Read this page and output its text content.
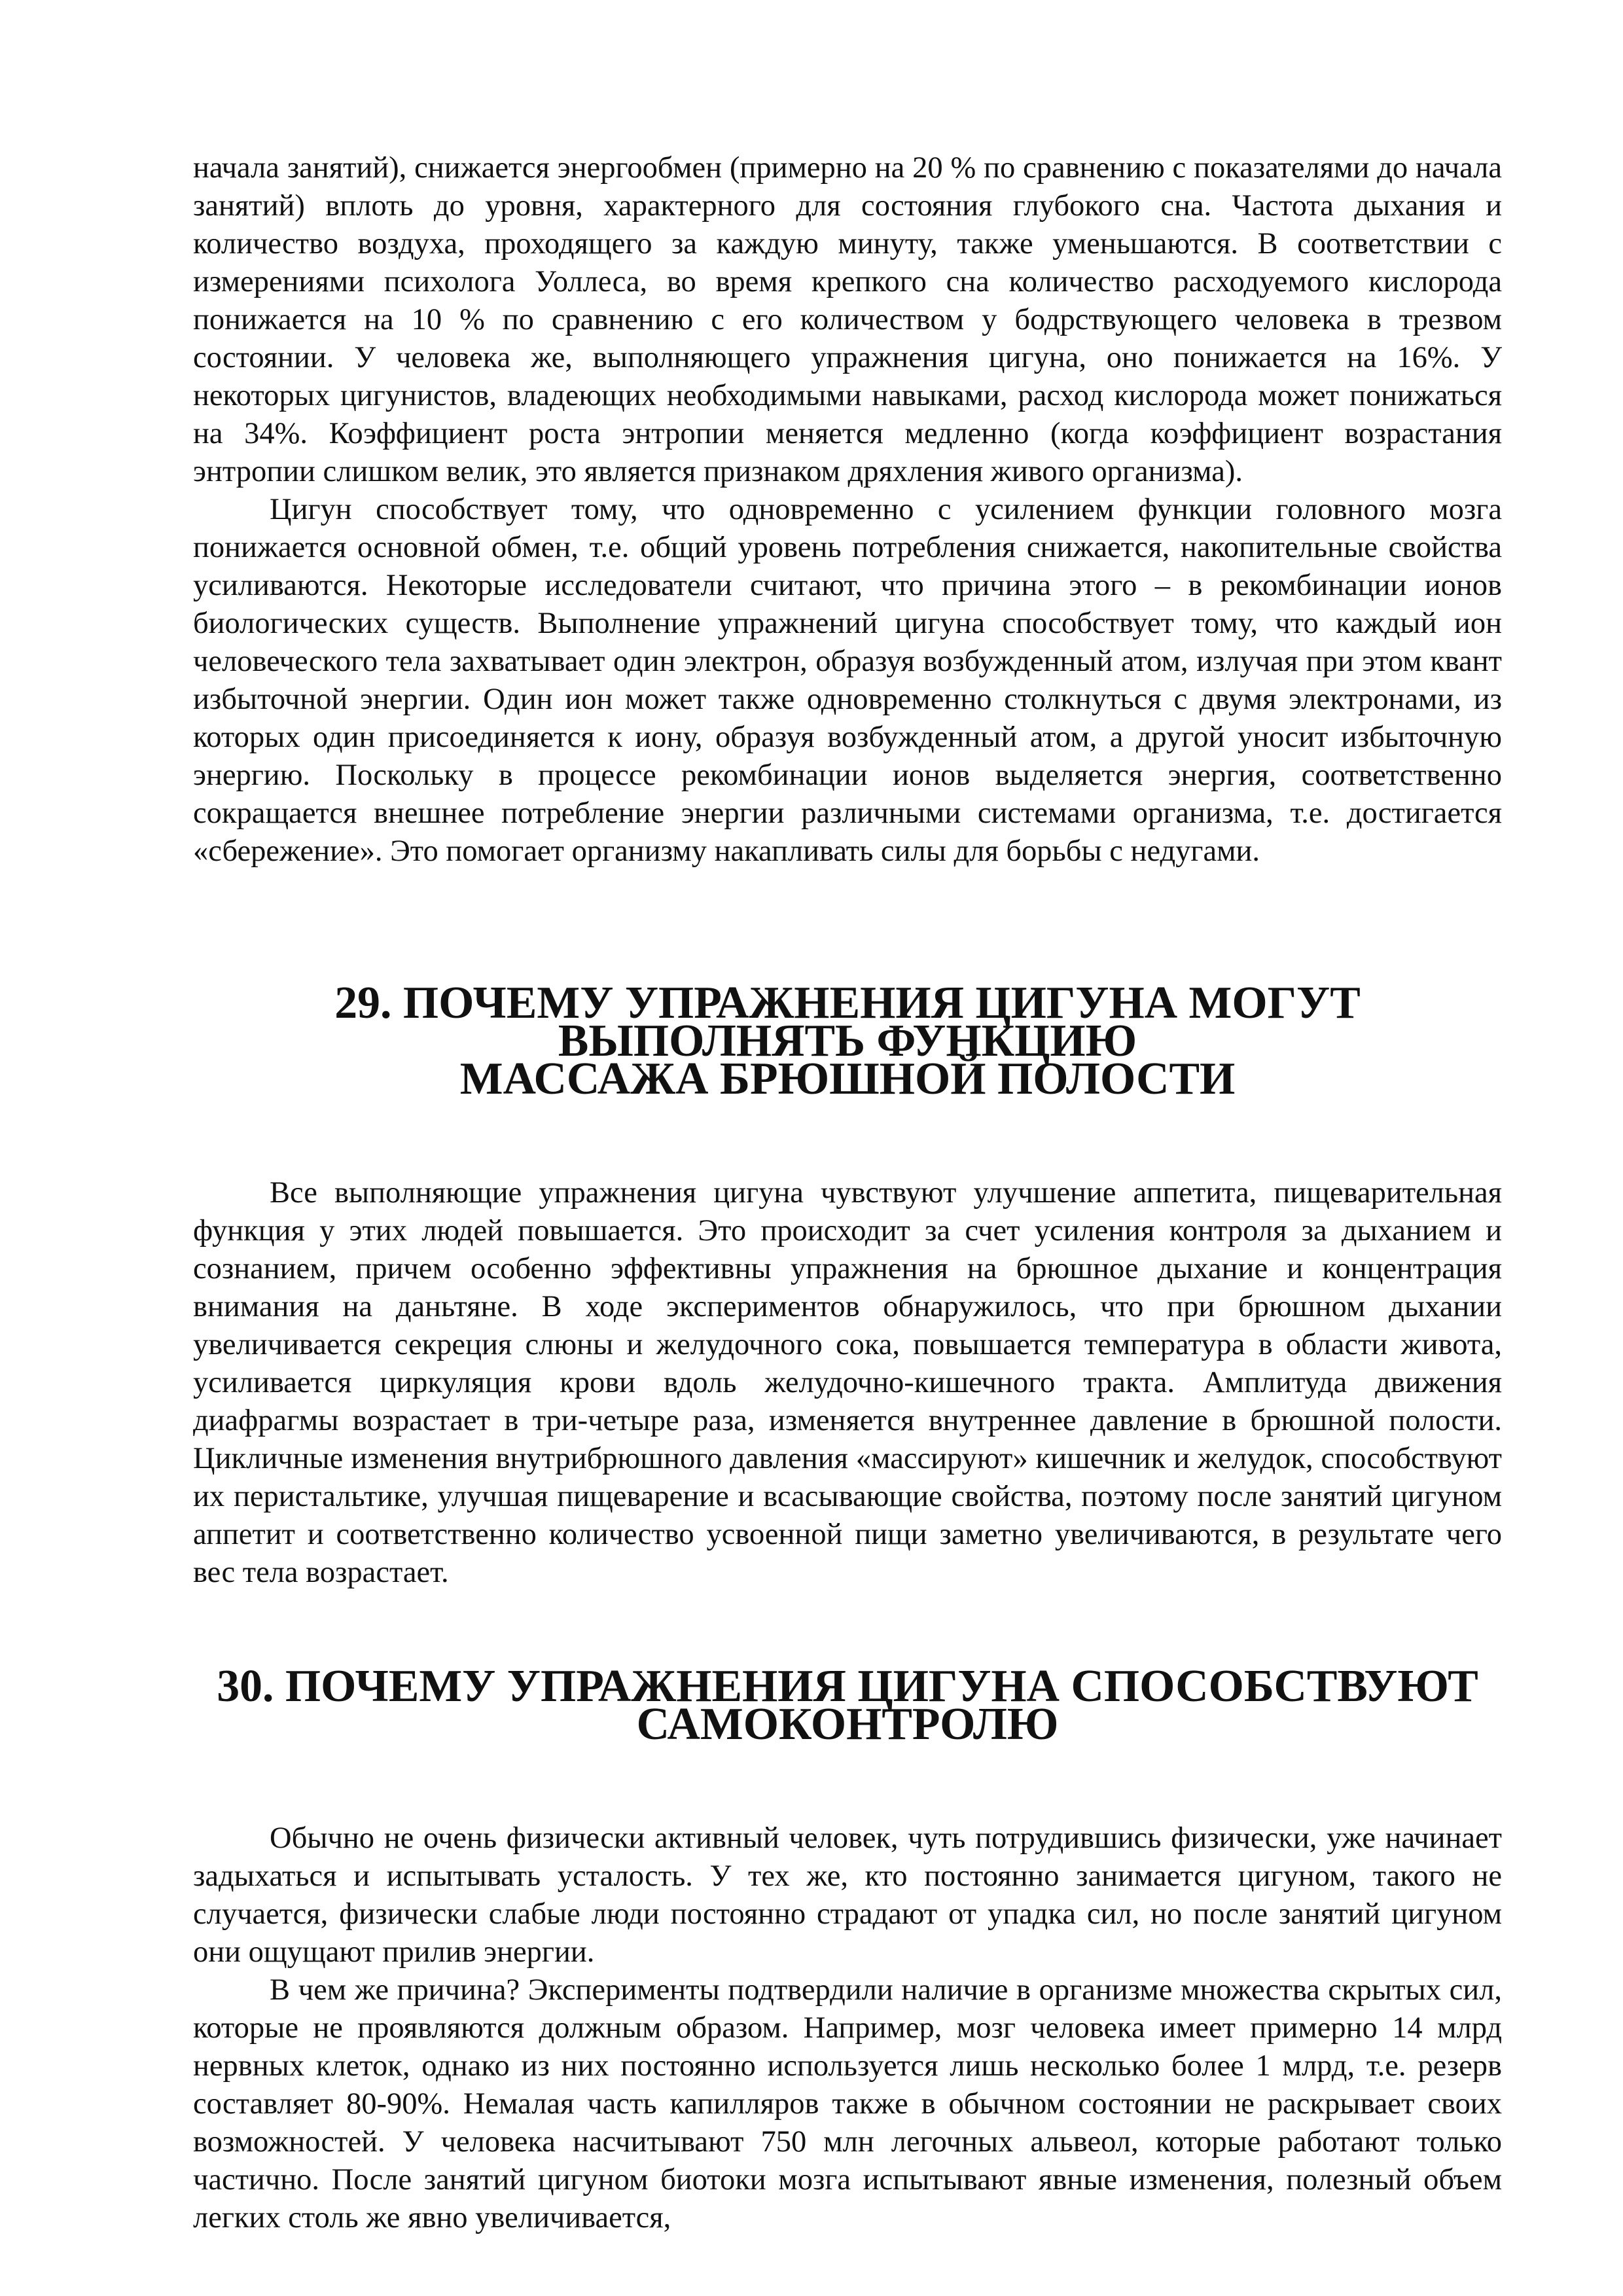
начала занятий), снижается энергообмен (примерно на 20 % по сравнению с показателями до начала занятий) вплоть до уровня, характерного для состояния глубокого сна. Частота дыхания и количество воздуха, проходящего за каждую минуту, также уменьшаются. В соответствии с измерениями психолога Уоллеса, во время крепкого сна количество расходуемого кислорода понижается на 10 % по сравнению с его количеством у бодрствующего человека в трезвом состоянии. У человека же, выполняющего упражнения цигуна, оно понижается на 16%. У некоторых цигунистов, владеющих необходимыми навыками, расход кислорода может понижаться на 34%. Коэффициент роста энтропии меняется медленно (когда коэффициент возрастания энтропии слишком велик, это является признаком дряхления живого организма).

Цигун способствует тому, что одновременно с усилением функции головного мозга понижается основной обмен, т.е. общий уровень потребления снижается, накопительные свойства усиливаются. Некоторые исследователи считают, что причина этого – в рекомбинации ионов биологических существ. Выполнение упражнений цигуна способствует тому, что каждый ион человеческого тела захватывает один электрон, образуя возбужденный атом, излучая при этом квант избыточной энергии. Один ион может также одновременно столкнуться с двумя электронами, из которых один присоединяется к иону, образуя возбужденный атом, а другой уносит избыточную энергию. Поскольку в процессе рекомбинации ионов выделяется энергия, соответственно сокращается внешнее потребление энергии различными системами организма, т.е. достигается «сбережение». Это помогает организму накапливать силы для борьбы с недугами.

29. ПОЧЕМУ УПРАЖНЕНИЯ ЦИГУНА МОГУТ ВЫПОЛНЯТЬ ФУНКЦИЮ
МАССАЖА БРЮШНОЙ ПОЛОСТИ

Все выполняющие упражнения цигуна чувствуют улучшение аппетита, пищеварительная функция у этих людей повышается. Это происходит за счет усиления контроля за дыханием и сознанием, причем особенно эффективны упражнения на брюшное дыхание и концентрация внимания на даньтяне. В ходе экспериментов обнаружилось, что при брюшном дыхании увеличивается секреция слюны и желудочного сока, повышается температура в области живота, усиливается циркуляция крови вдоль желудочно-кишечного тракта. Амплитуда движения диафрагмы возрастает в три-четыре раза, изменяется внутреннее давление в брюшной полости. Цикличные изменения внутрибрюшного давления «массируют» кишечник и желудок, способствуют их перистальтике, улучшая пищеварение и всасывающие свойства, поэтому после занятий цигуном аппетит и соответственно количество усвоенной пищи заметно увеличиваются, в результате чего вес тела возрастает.

30. ПОЧЕМУ УПРАЖНЕНИЯ ЦИГУНА СПОСОБСТВУЮТ САМОКОНТРОЛЮ

Обычно не очень физически активный человек, чуть потрудившись физически, уже начинает задыхаться и испытывать усталость. У тех же, кто постоянно занимается цигуном, такого не случается, физически слабые люди постоянно страдают от упадка сил, но после занятий цигуном они ощущают прилив энергии.

В чем же причина? Эксперименты подтвердили наличие в организме множества скрытых сил, которые не проявляются должным образом. Например, мозг человека имеет примерно 14 млрд нервных клеток, однако из них постоянно используется лишь несколько более 1 млрд, т.е. резерв составляет 80-90%. Немалая часть капилляров также в обычном состоянии не раскрывает своих возможностей. У человека насчитывают 750 млн легочных альвеол, которые работают только частично. После занятий цигуном биотоки мозга испытывают явные изменения, полезный объем легких столь же явно увеличивается,
